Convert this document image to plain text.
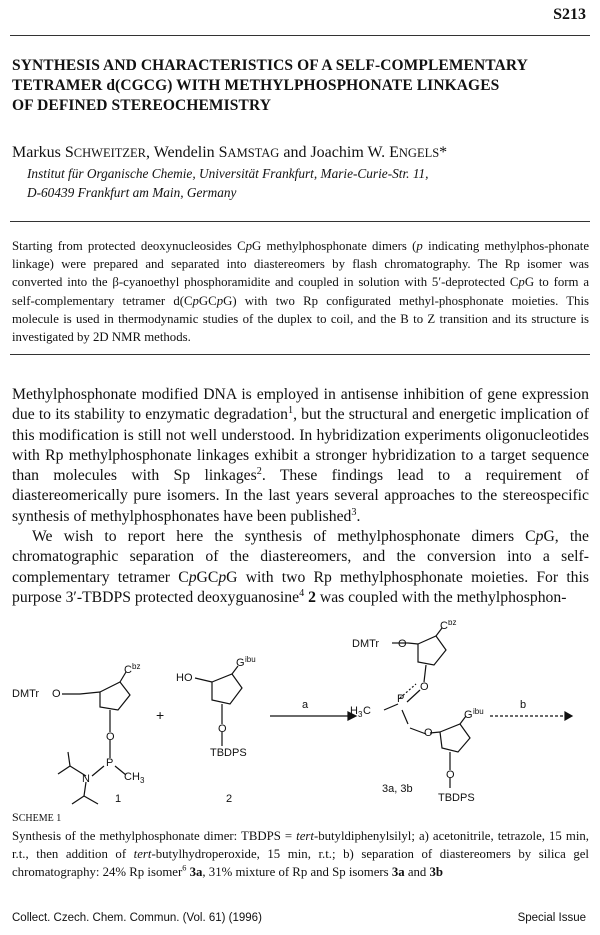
S213
SYNTHESIS AND CHARACTERISTICS OF A SELF-COMPLEMENTARY
TETRAMER d(CGCG) WITH METHYLPHOSPHONATE LINKAGES
OF DEFINED STEREOCHEMISTRY
Markus SCHWEITZER, Wendelin SAMSTAG and Joachim W. ENGELS*
Institut für Organische Chemie, Universität Frankfurt, Marie-Curie-Str. 11,
D-60439 Frankfurt am Main, Germany
Starting from protected deoxynucleosides CpG methylphosphonate dimers (p indicating methylphos-phonate linkage) were prepared and separated into diastereomers by flash chromatography. The Rp isomer was converted into the β-cyanoethyl phosphoramidite and coupled in solution with 5′-deprotected CpG to form a self-complementary tetramer d(CpGCpG) with two Rp configurated methyl-phosphonate moieties. This molecule is used in thermodynamic studies of the duplex to coil, and the B to Z transition and its structure is investigated by 2D NMR methods.

Methylphosphonate modified DNA is employed in antisense inhibition of gene expression due to its stability to enzymatic degradation$^1$, but the structural and energetic implication of this modification is still not well understood. In hybridization experiments oligonucleotides with Rp methylphosphonate linkages exhibit a stronger hybridization to a target sequence than molecules with Sp linkages$^2$. These findings lead to a requirement of diastereomerically pure isomers. In the last years several approaches to the stereospecific synthesis of methylphosphonates have been published$^3$.

We wish to report here the synthesis of methylphosphonate dimers CpG, the chromatographic separation of the diastereomers, and the conversion into a self-complementary tetramer CpGCpG with two Rp methylphosphonate moieties. For this purpose 3′-TBDPS protected deoxyguanosine$^4$ 2 was coupled with the methylphosphon-

DMTr O
C bz
O
P
N	CH 3
1
+
HO
G ibu
O
TBDPS
2
a
DMTr O
C bz
O
P
H 3 C
O
G ibu
O
TBDPS
3a, 3b
b
SCHEME 1
Synthesis of the methylphosphonate dimer: TBDPS = tert-butyldiphenylsilyl; a) acetonitrile, tetrazole, 15 min, r.t., then addition of tert-butylhydroperoxide, 15 min, r.t.; b) separation of diastereomers by silica gel chromatography: 24% Rp isomer$^6$ 3a, 31% mixture of Rp and Sp isomers 3a and 3b
Collect. Czech. Chem. Commun. (Vol. 61) (1996)	Special Issue
